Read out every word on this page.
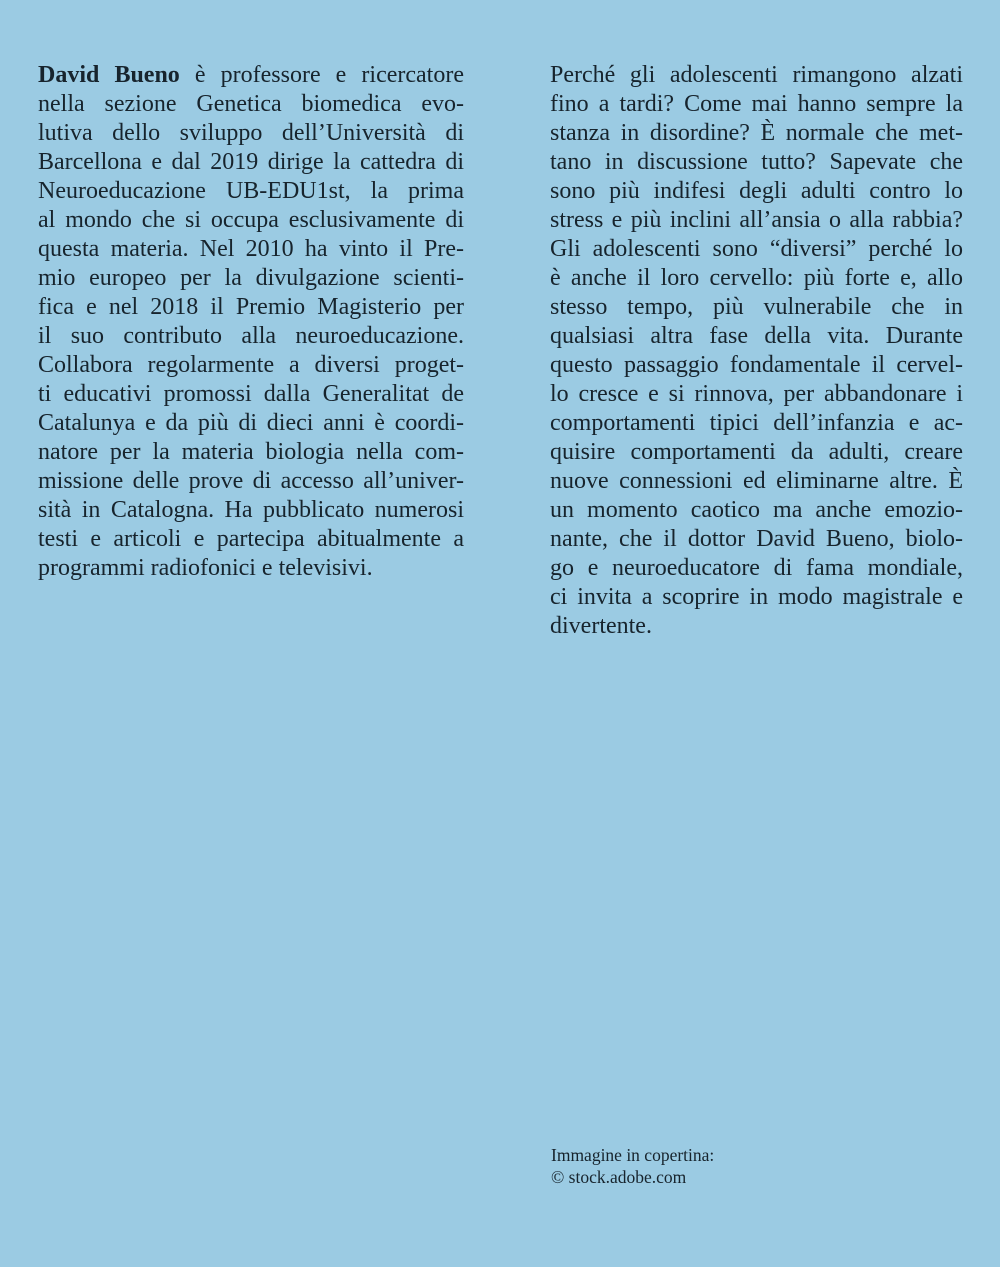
David Bueno è professore e ricercatore
nella sezione Genetica biomedica evo-
lutiva dello sviluppo dell’Università di
Barcellona e dal 2019 dirige la cattedra di
Neuroeducazione UB-EDU1st, la prima
al mondo che si occupa esclusivamente di
questa materia. Nel 2010 ha vinto il Pre-
mio europeo per la divulgazione scienti-
fica e nel 2018 il Premio Magisterio per
il suo contributo alla neuroeducazione.
Collabora regolarmente a diversi proget-
ti educativi promossi dalla Generalitat de
Catalunya e da più di dieci anni è coordi-
natore per la materia biologia nella com-
missione delle prove di accesso all’univer-
sità in Catalogna. Ha pubblicato numerosi
testi e articoli e partecipa abitualmente a
programmi radiofonici e televisivi.
Perché gli adolescenti rimangono alzati
fino a tardi? Come mai hanno sempre la
stanza in disordine? È normale che met-
tano in discussione tutto? Sapevate che
sono più indifesi degli adulti contro lo
stress e più inclini all’ansia o alla rabbia?
Gli adolescenti sono “diversi” perché lo
è anche il loro cervello: più forte e, allo
stesso tempo, più vulnerabile che in
qualsiasi altra fase della vita. Durante
questo passaggio fondamentale il cervel-
lo cresce e si rinnova, per abbandonare i
comportamenti tipici dell’infanzia e ac-
quisire comportamenti da adulti, creare
nuove connessioni ed eliminarne altre. È
un momento caotico ma anche emozio-
nante, che il dottor David Bueno, biolo-
go e neuroeducatore di fama mondiale,
ci invita a scoprire in modo magistrale e
divertente.
Immagine in copertina:
© stock.adobe.com
